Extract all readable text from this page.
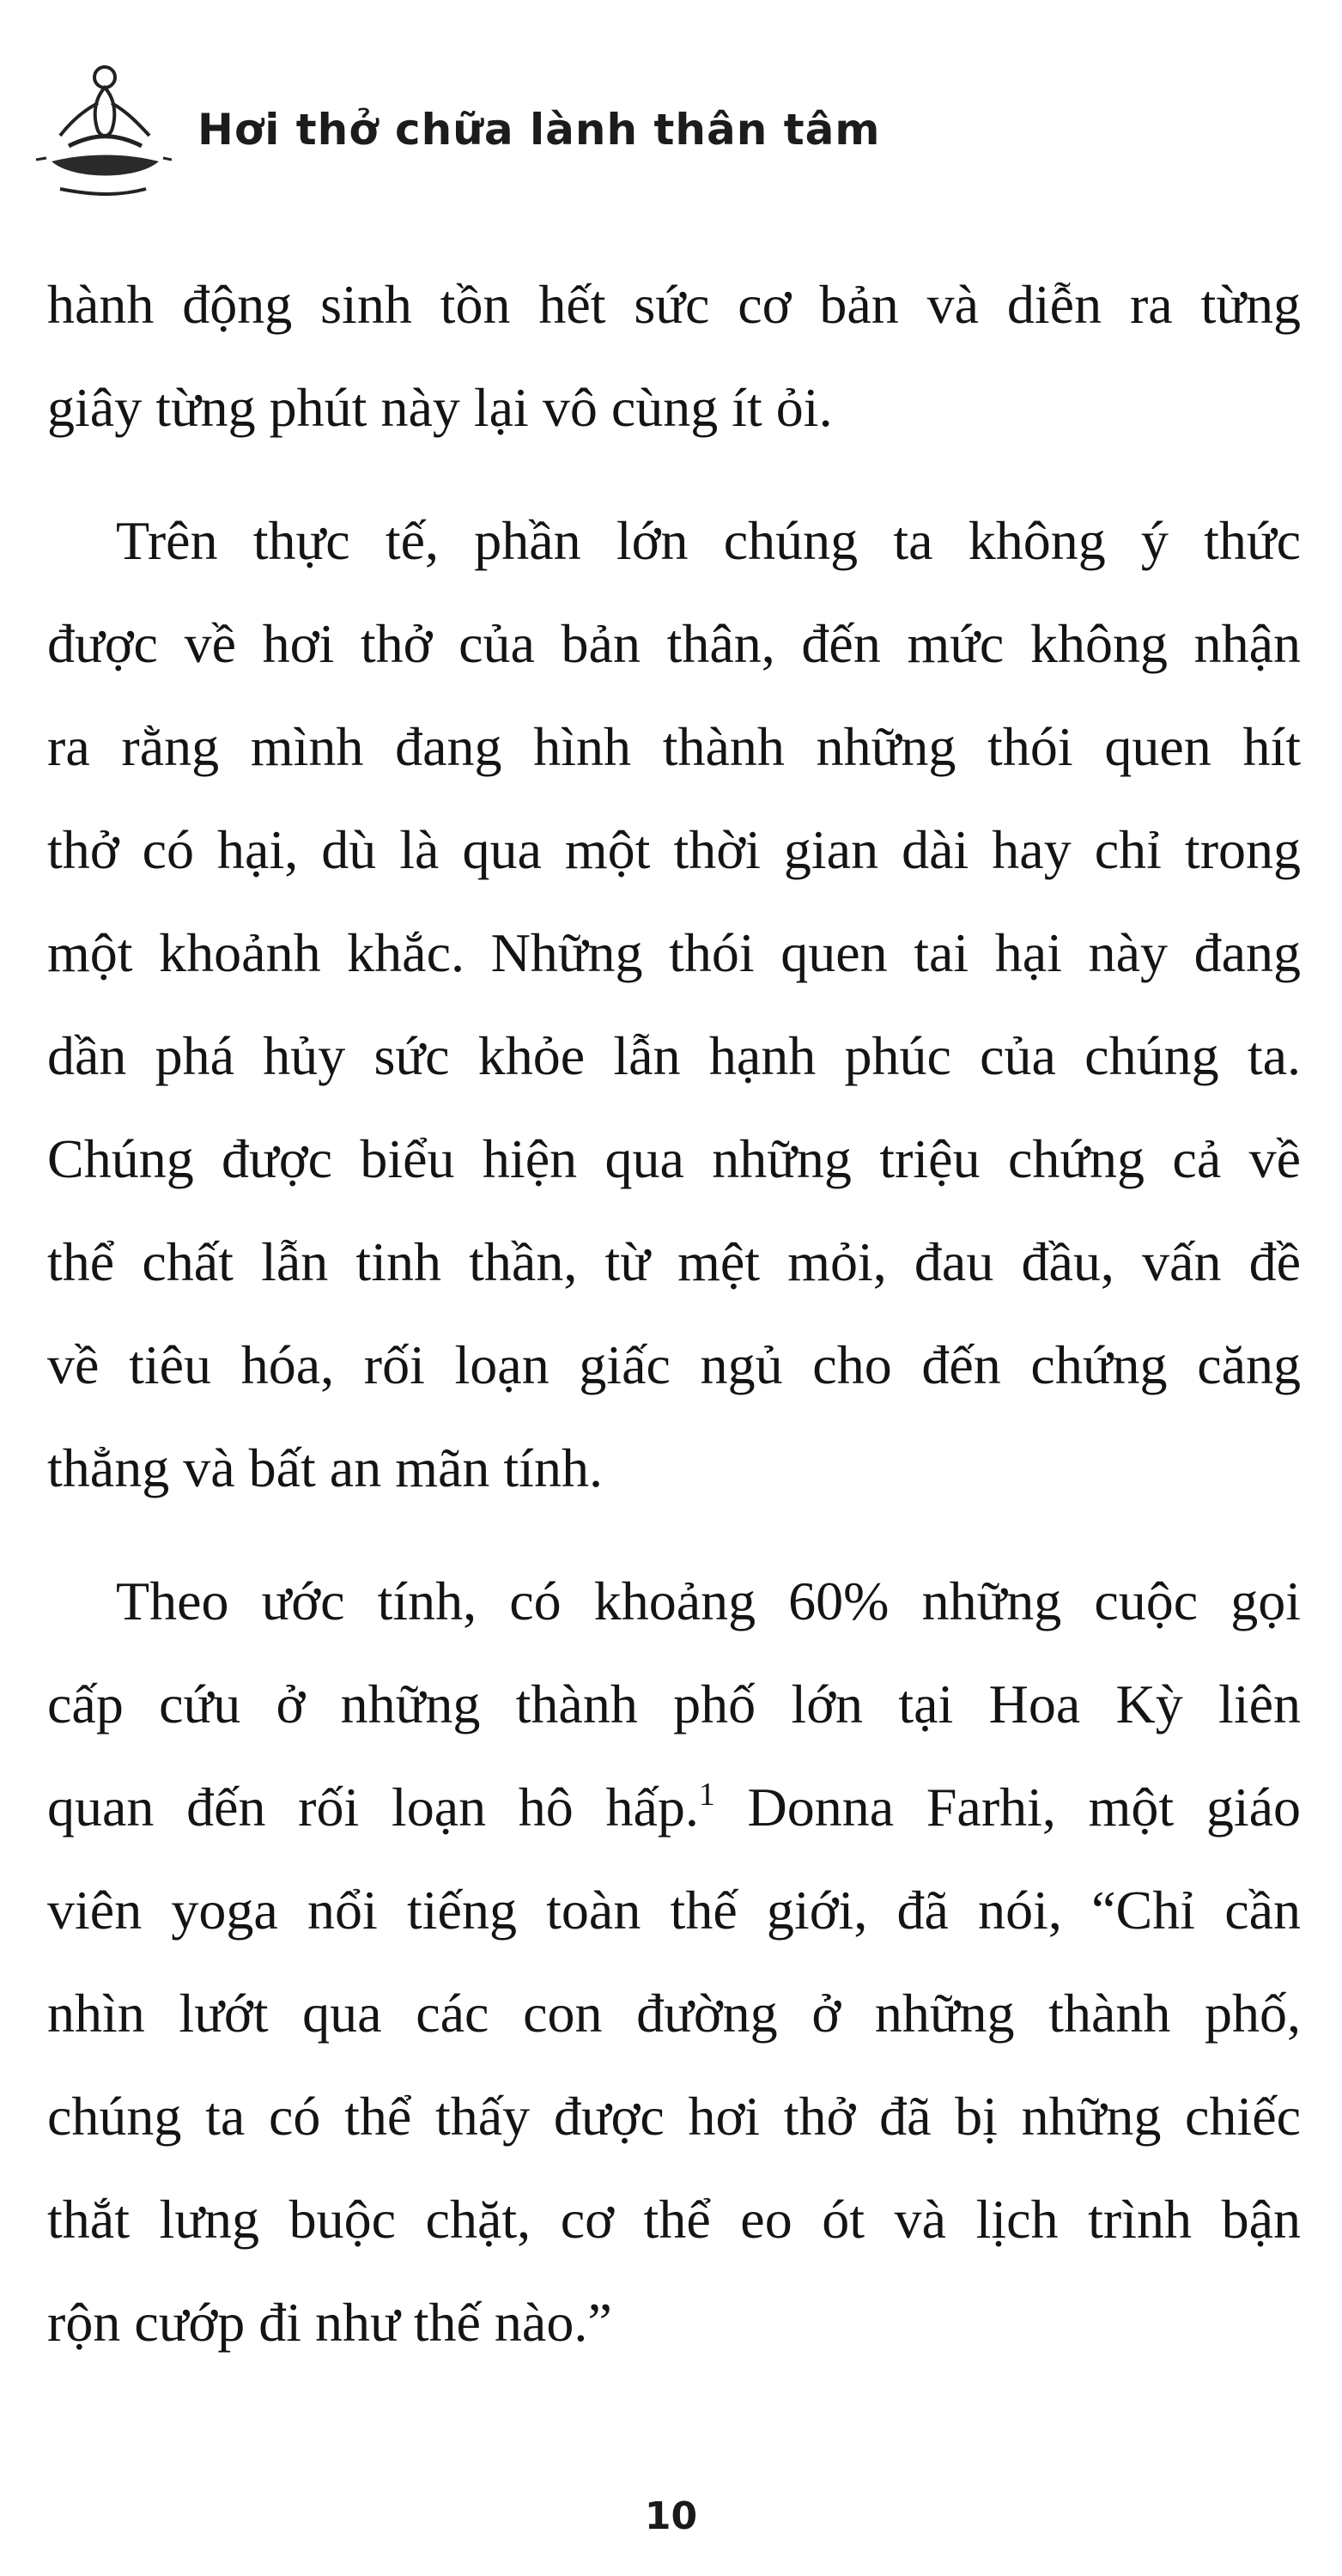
Hơi thở chữa lành thân tâm
hành động sinh tồn hết sức cơ bản và diễn ra từng
giây từng phút này lại vô cùng ít ỏi.
Trên thực tế, phần lớn chúng ta không ý thức
được về hơi thở của bản thân, đến mức không nhận
ra rằng mình đang hình thành những thói quen hít
thở có hại, dù là qua một thời gian dài hay chỉ trong
một khoảnh khắc. Những thói quen tai hại này đang
dần phá hủy sức khỏe lẫn hạnh phúc của chúng ta.
Chúng được biểu hiện qua những triệu chứng cả về
thể chất lẫn tinh thần, từ mệt mỏi, đau đầu, vấn đề
về tiêu hóa, rối loạn giấc ngủ cho đến chứng căng
thẳng và bất an mãn tính.
Theo ước tính, có khoảng 60% những cuộc gọi
cấp cứu ở những thành phố lớn tại Hoa Kỳ liên
quan đến rối loạn hô hấp.$^1$ Donna Farhi, một giáo
viên yoga nổi tiếng toàn thế giới, đã nói, “Chỉ cần
nhìn lướt qua các con đường ở những thành phố,
chúng ta có thể thấy được hơi thở đã bị những chiếc
thắt lưng buộc chặt, cơ thể eo ót và lịch trình bận
rộn cướp đi như thế nào.”
10
